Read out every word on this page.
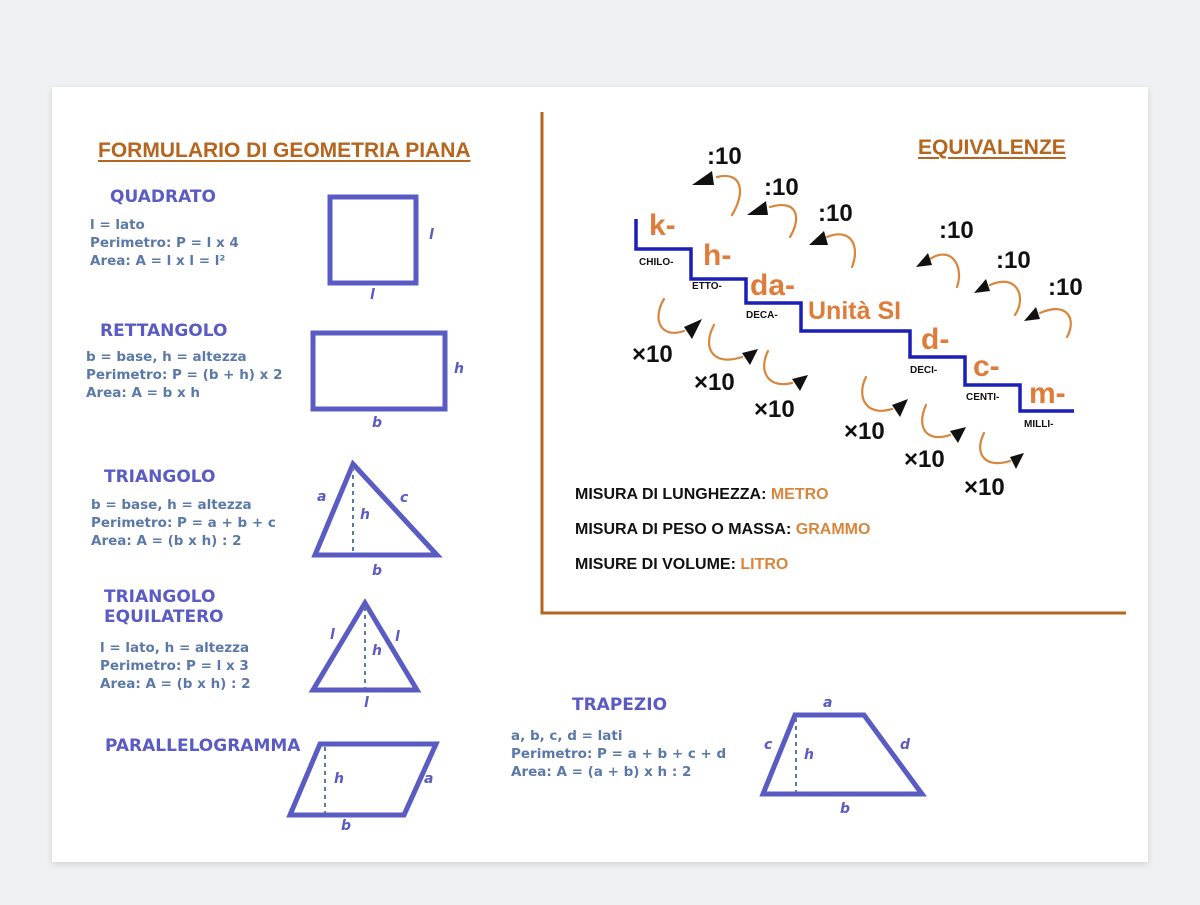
FORMULARIO DI GEOMETRIA PIANA
QUADRATO
l = lato
Perimetro: P = l x 4
Area: A = l x l = l²
l
l
RETTANGOLO
b = base, h = altezza
Perimetro: P = (b + h) x 2
Area: A = b x h
h
b
TRIANGOLO
b = base, h = altezza
Perimetro: P = a + b + c
Area: A = (b x h) : 2
a	c
h
b
TRIANGOLO
EQUILATERO
l = lato, h = altezza
Perimetro: P = l x 3
Area: A = (b x h) : 2
l	l
h
l
PARALLELOGRAMMA
h	a
b
TRAPEZIO
a, b, c, d = lati
Perimetro: P = a + b + c + d
Area: A = (a + b) x h : 2
a
c
h
d
b
EQUIVALENZE
:10
:10
:10
:10
:10
:10
×10
×10
×10
×10
×10
×10
k-
h-
da-
Unità SI
d-
c-
m-
CHILO-
ETTO-
DECA-
DECI-
CENTI-
MILLI-
MISURA DI LUNGHEZZA: METRO
MISURA DI PESO O MASSA: GRAMMO
MISURE DI VOLUME: LITRO
